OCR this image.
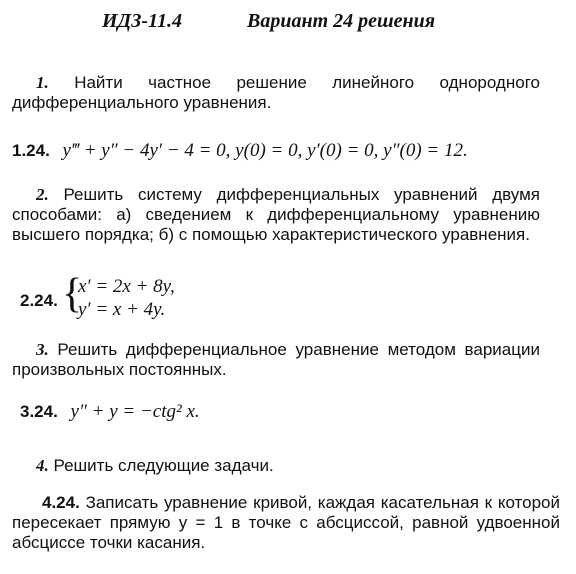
ИДЗ-11.4	Вариант 24 решения
1. Найти частное решение линейного однородного дифференциального уравнения.
1.24. y‴ + y″ − 4y′ − 4 = 0, y(0) = 0, y′(0) = 0, y″(0) = 12.
2. Решить систему дифференциальных уравнений двумя способами: а) сведением к дифференциальному уравнению высшего порядка; б) с помощью характеристического уравнения.
2.24. {
x′ = 2x + 8y,
y′ = x + 4y.
3. Решить дифференциальное уравнение методом вариации произвольных постоянных.
3.24. y″ + y = −ctg² x.
4. Решить следующие задачи.
4.24. Записать уравнение кривой, каждая касательная к которой пересекает прямую y = 1 в точке с абсциссой, равной удвоенной абсциссе точки касания.
